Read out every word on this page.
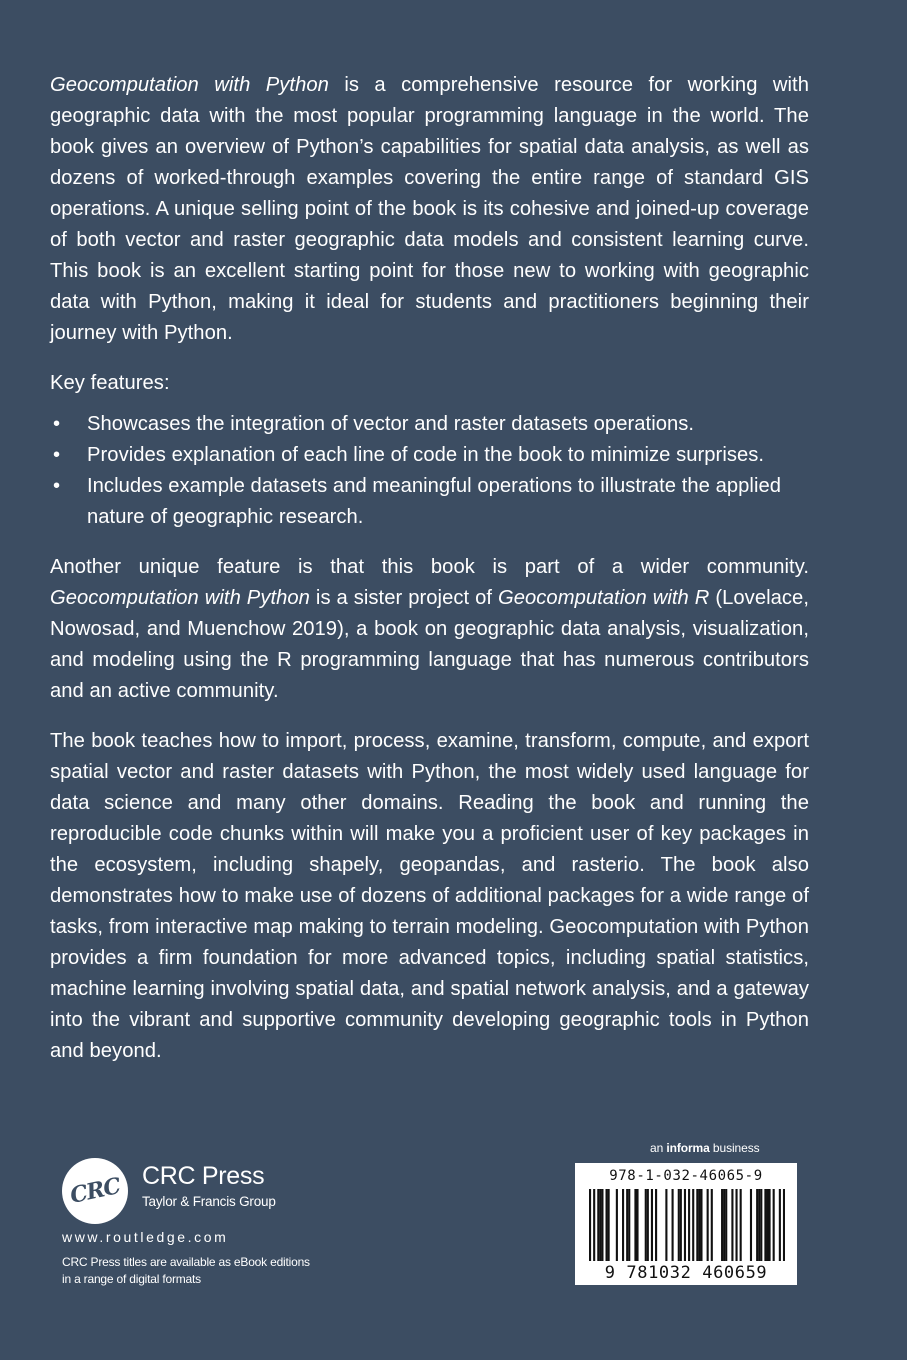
Geocomputation with Python is a comprehensive resource for working with geographic data with the most popular programming language in the world. The book gives an overview of Python’s capabilities for spatial data analysis, as well as dozens of worked-through examples covering the entire range of standard GIS operations. A unique selling point of the book is its cohesive and joined-up coverage of both vector and raster geographic data models and consistent learning curve. This book is an excellent starting point for those new to working with geographic data with Python, making it ideal for students and practitioners beginning their journey with Python.

Key features:

• Showcases the integration of vector and raster datasets operations.
• Provides explanation of each line of code in the book to minimize surprises.
• Includes example datasets and meaningful operations to illustrate the applied nature of geographic research.

Another unique feature is that this book is part of a wider community. Geocomputation with Python is a sister project of Geocomputation with R (Lovelace, Nowosad, and Muenchow 2019), a book on geographic data analysis, visualization, and modeling using the R programming language that has numerous contributors and an active community.

The book teaches how to import, process, examine, transform, compute, and export spatial vector and raster datasets with Python, the most widely used language for data science and many other domains. Reading the book and running the reproducible code chunks within will make you a proficient user of key packages in the ecosystem, including shapely, geopandas, and rasterio. The book also demonstrates how to make use of dozens of additional packages for a wide range of tasks, from interactive map making to terrain modeling. Geocomputation with Python provides a firm foundation for more advanced topics, including spatial statistics, machine learning involving spatial data, and spatial network analysis, and a gateway into the vibrant and supportive community developing geographic tools in Python and beyond.

CRC CRC Press
Taylor & Francis Group
www.routledge.com
CRC Press titles are available as eBook editions
in a range of digital formats
an informa business
978-1-032-46065-9
9 781032 460659
